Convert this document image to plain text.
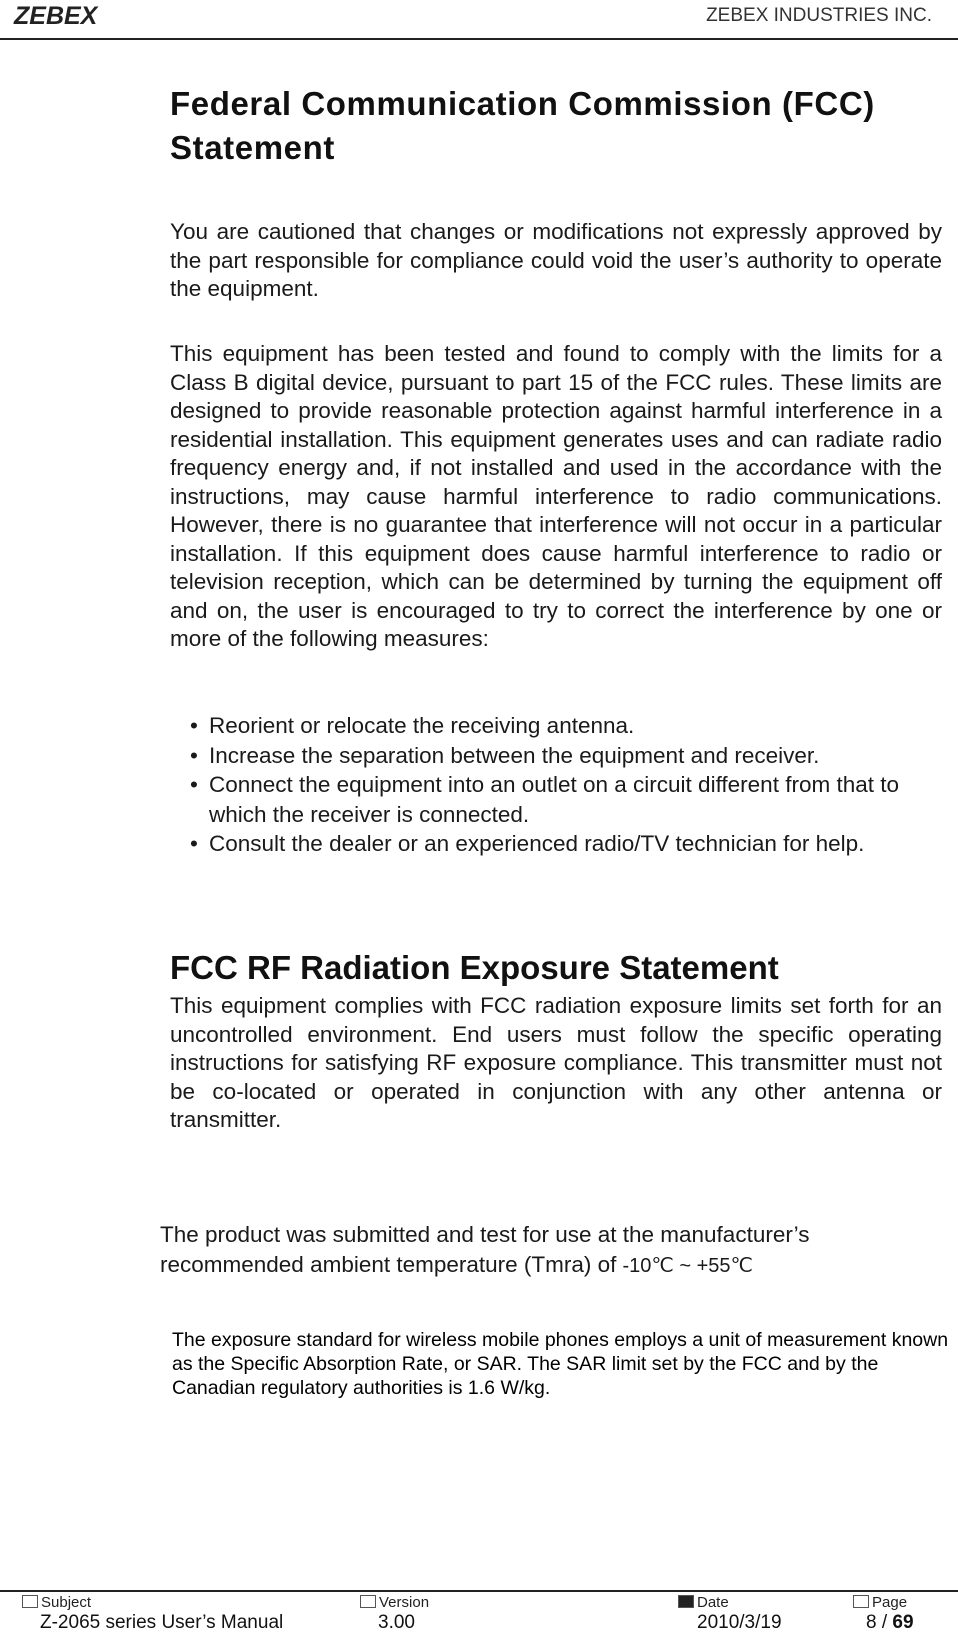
ZEBEX	ZEBEX INDUSTRIES INC.
Federal Communication Commission (FCC)
Statement
You are cautioned that changes or modifications not expressly approved by the part responsible for compliance could void the user’s authority to operate the equipment.
This equipment has been tested and found to comply with the limits for a Class B digital device, pursuant to part 15 of the FCC rules. These limits are designed to provide reasonable protection against harmful interference in a residential installation. This equipment generates uses and can radiate radio frequency energy and, if not installed and used in the accordance with the instructions, may cause harmful interference to radio communications. However, there is no guarantee that interference will not occur in a particular installation. If this equipment does cause harmful interference to radio or television reception, which can be determined by turning the equipment off and on, the user is encouraged to try to correct the interference by one or more of the following measures:
• Reorient or relocate the receiving antenna.
• Increase the separation between the equipment and receiver.
• Connect the equipment into an outlet on a circuit different from that to which the receiver is connected.
• Consult the dealer or an experienced radio/TV technician for help.
FCC RF Radiation Exposure Statement
This equipment complies with FCC radiation exposure limits set forth for an uncontrolled environment. End users must follow the specific operating instructions for satisfying RF exposure compliance. This transmitter must not be co-located or operated in conjunction with any other antenna or transmitter.
The product was submitted and test for use at the manufacturer’s
recommended ambient temperature (Tmra) of -10℃ ~ +55℃
The exposure standard for wireless mobile phones employs a unit of measurement known as the Specific Absorption Rate, or SAR. The SAR limit set by the FCC and by the Canadian regulatory authorities is 1.6 W/kg.
Subject
Z-2065 series User’s Manual
Version
3.00
Date
2010/3/19
Page
8 / 69
